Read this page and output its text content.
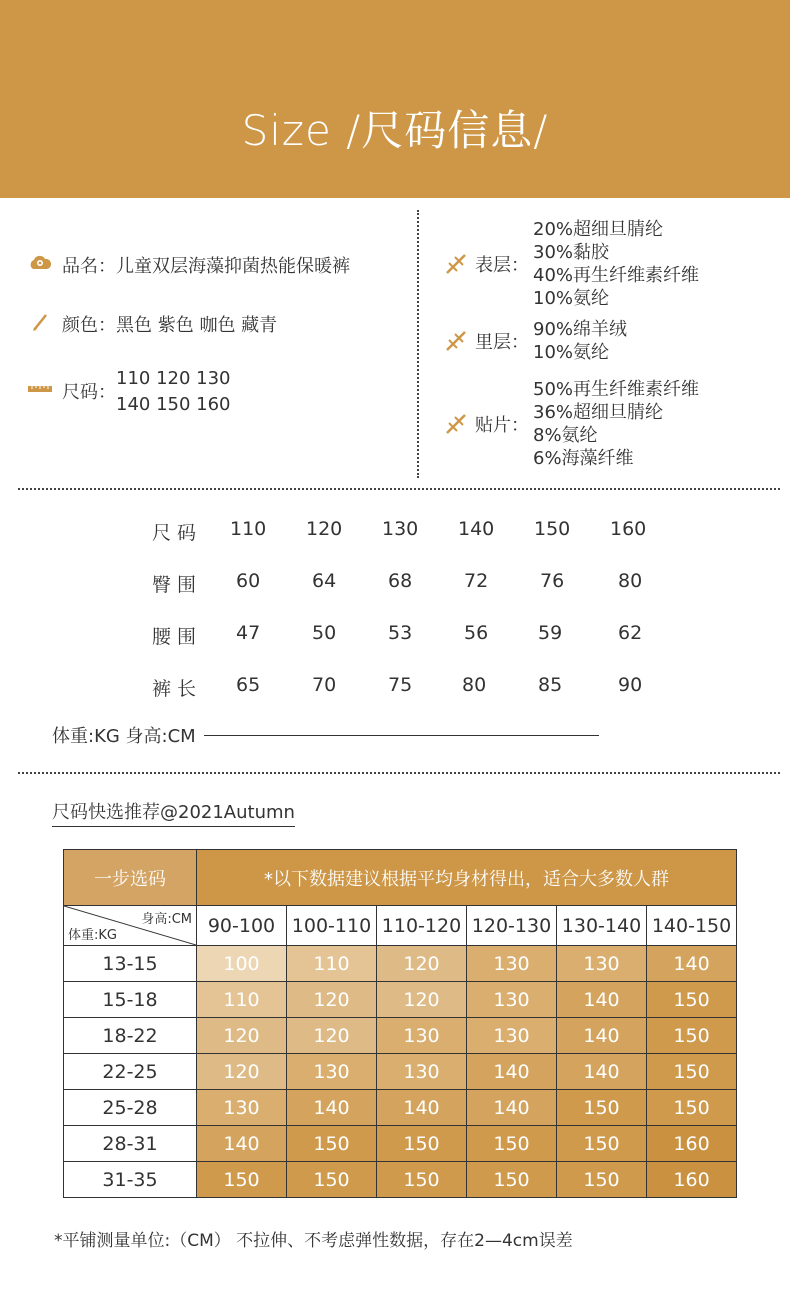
Size /尺码信息/
品名： 儿童双层海藻抑菌热能保暖裤
颜色： 黑色 紫色 咖色 藏青
尺码：
110 120 130
140 150 160
表层：
20%超细旦腈纶
30%黏胶
40%再生纤维素纤维
10%氨纶
里层：
90%绵羊绒
10%氨纶
贴片：
50%再生纤维素纤维
36%超细旦腈纶
8%氨纶
6%海藻纤维
尺 码 110 120 130 140 150 160
臀 围 60	64	68	72	76	80
腰 围 47	50	53	56	59	62
裤 长 65	70	75	80	85	90
体重:KG 身高:CM
尺码快选推荐@2021Autumn
一步选码	*以下数据建议根据平均身材得出，适合大多数人群					

身高:CM
体重:KG	90-100	100-110	110-120	120-130	130-140	140-150
13-15	100	110	120	130	130	140
15-18	110	120	120	130	140	150
18-22	120	120	130	130	140	150
22-25	120	130	130	140	140	150
25-28	130	140	140	140	150	150
28-31	140	150	150	150	150	160
31-35	150	150	150	150	150	160
*平铺测量单位:（CM） 不拉伸、不考虑弹性数据，存在2—4cm误差
